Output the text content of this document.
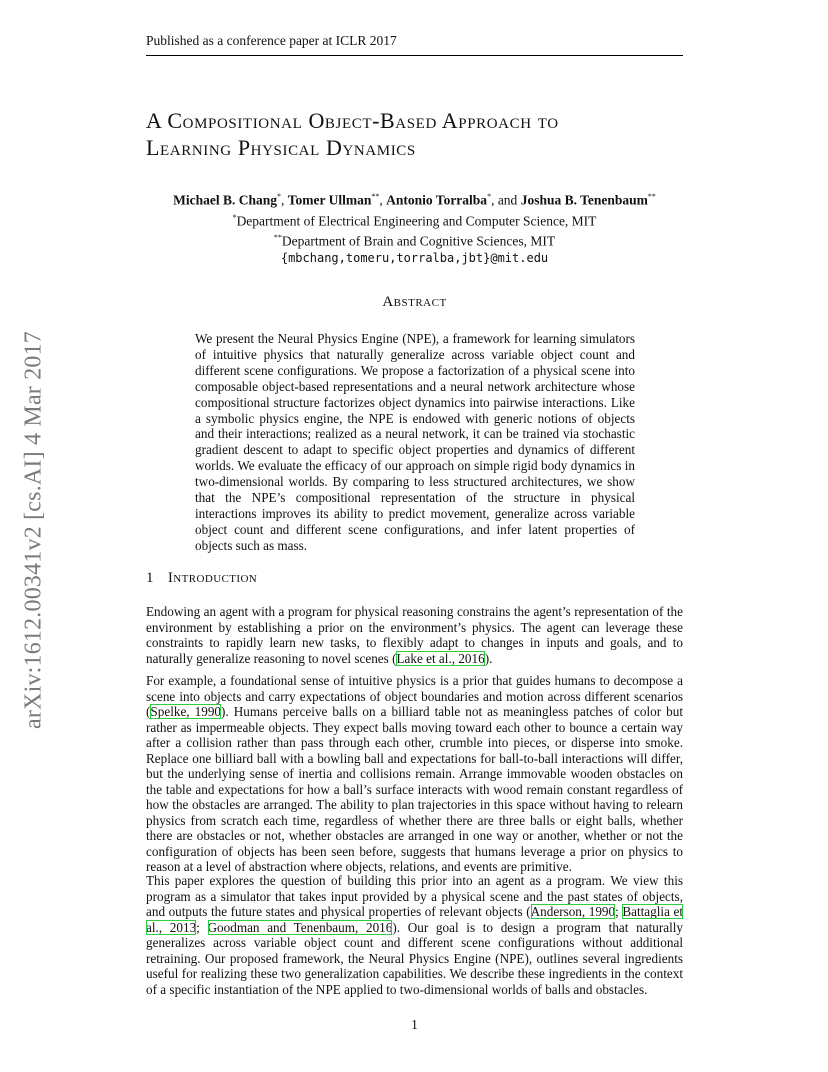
Published as a conference paper at ICLR 2017
arXiv:1612.00341v2 [cs.AI] 4 Mar 2017
A Compositional Object-Based Approach to
Learning Physical Dynamics
Michael B. Chang*, Tomer Ullman**, Antonio Torralba*, and Joshua B. Tenenbaum**
*Department of Electrical Engineering and Computer Science, MIT
**Department of Brain and Cognitive Sciences, MIT
{mbchang,tomeru,torralba,jbt}@mit.edu
Abstract

We present the Neural Physics Engine (NPE), a framework for learning simulators of intuitive physics that naturally generalize across variable object count and different scene configurations. We propose a factorization of a physical scene into composable object-based representations and a neural network architecture whose compositional structure factorizes object dynamics into pairwise interactions. Like a symbolic physics engine, the NPE is endowed with generic notions of objects and their interactions; realized as a neural network, it can be trained via stochastic gradient descent to adapt to specific object properties and dynamics of different worlds. We evaluate the efficacy of our approach on simple rigid body dynamics in two-dimensional worlds. By comparing to less structured architectures, we show that the NPE’s compositional representation of the structure in physical interactions improves its ability to predict movement, generalize across variable object count and different scene configurations, and infer latent properties of objects such as mass.

1 Introduction

Endowing an agent with a program for physical reasoning constrains the agent’s representation of the environment by establishing a prior on the environment’s physics. The agent can leverage these constraints to rapidly learn new tasks, to flexibly adapt to changes in inputs and goals, and to naturally generalize reasoning to novel scenes (Lake et al., 2016).

For example, a foundational sense of intuitive physics is a prior that guides humans to decompose a scene into objects and carry expectations of object boundaries and motion across different scenarios (Spelke, 1990). Humans perceive balls on a billiard table not as meaningless patches of color but rather as impermeable objects. They expect balls moving toward each other to bounce a certain way after a collision rather than pass through each other, crumble into pieces, or disperse into smoke. Replace one billiard ball with a bowling ball and expectations for ball-to-ball interactions will differ, but the underlying sense of inertia and collisions remain. Arrange immovable wooden obstacles on the table and expectations for how a ball’s surface interacts with wood remain constant regardless of how the obstacles are arranged. The ability to plan trajectories in this space without having to relearn physics from scratch each time, regardless of whether there are three balls or eight balls, whether there are obstacles or not, whether obstacles are arranged in one way or another, whether or not the configuration of objects has been seen before, suggests that humans leverage a prior on physics to reason at a level of abstraction where objects, relations, and events are primitive.

This paper explores the question of building this prior into an agent as a program. We view this program as a simulator that takes input provided by a physical scene and the past states of objects, and outputs the future states and physical properties of relevant objects (Anderson, 1990; Battaglia et al., 2013; Goodman and Tenenbaum, 2016). Our goal is to design a program that naturally generalizes across variable object count and different scene configurations without additional retraining. Our proposed framework, the Neural Physics Engine (NPE), outlines several ingredients useful for realizing these two generalization capabilities. We describe these ingredients in the context of a specific instantiation of the NPE applied to two-dimensional worlds of balls and obstacles.

1
